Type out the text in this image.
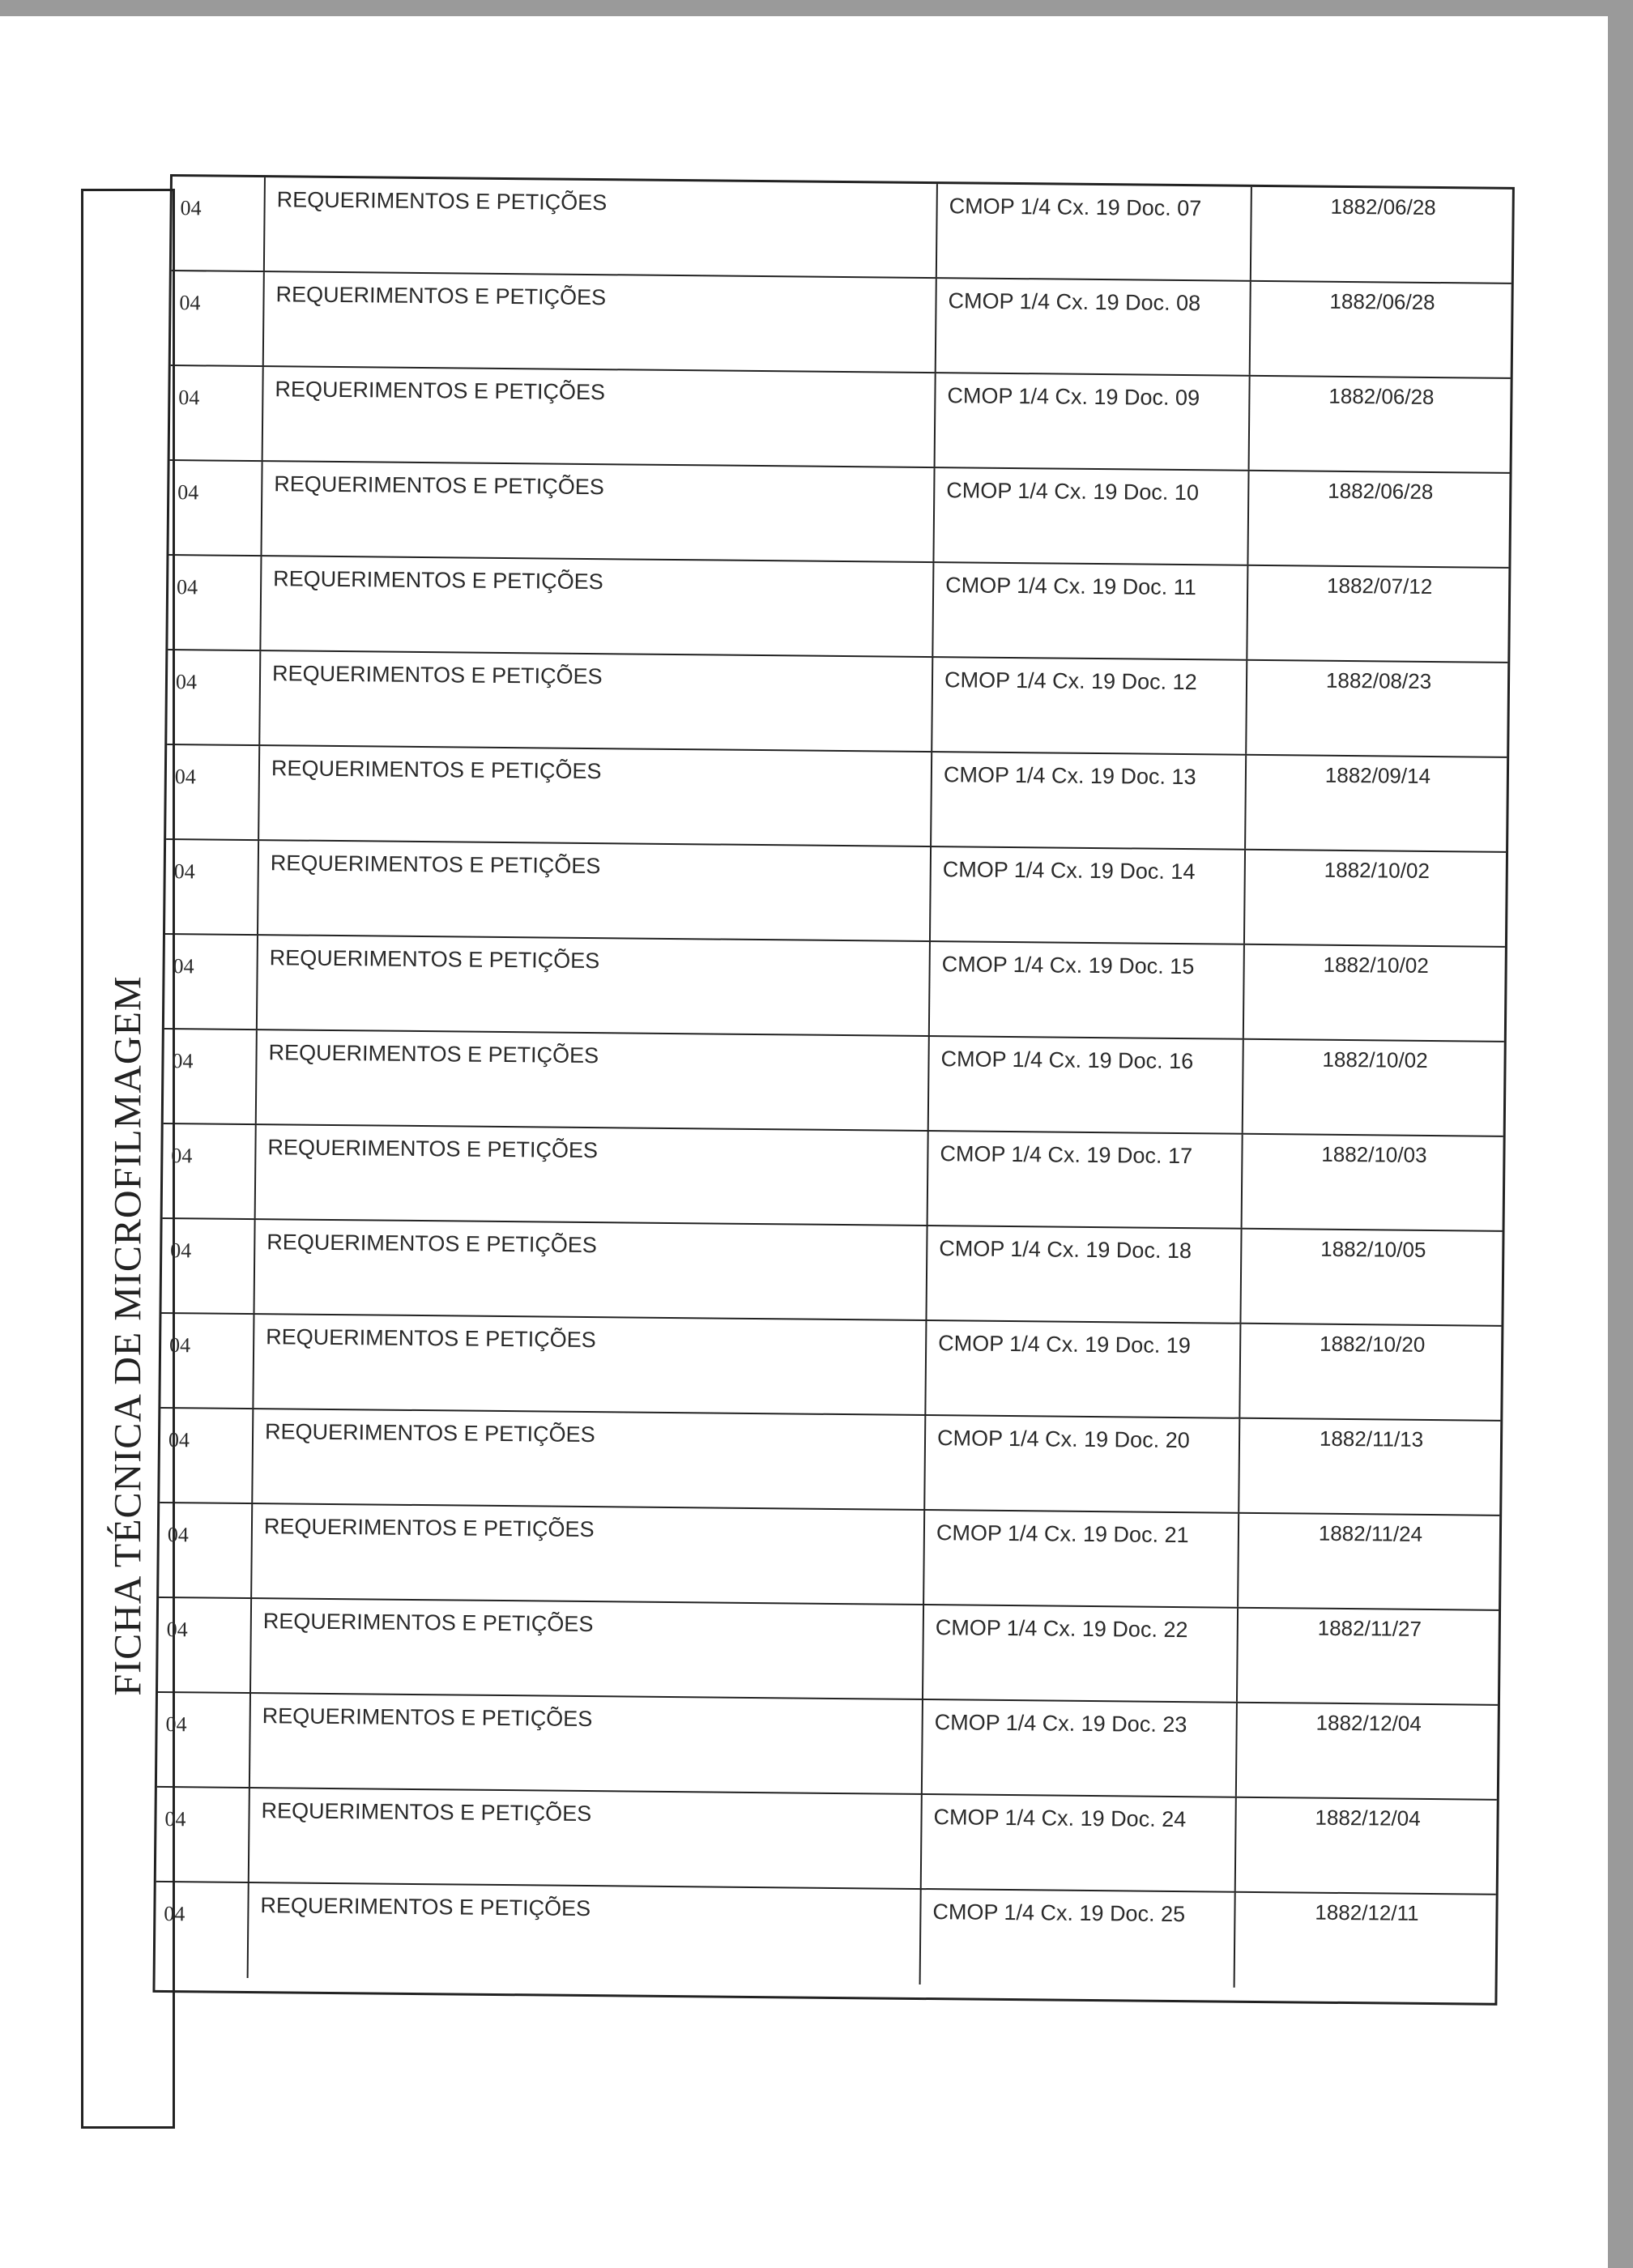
FICHA TÉCNICA DE MICROFILMAGEM
04	REQUERIMENTOS E PETIÇÕES	CMOP 1/4 Cx. 19 Doc. 07	1882/06/28
04	REQUERIMENTOS E PETIÇÕES	CMOP 1/4 Cx. 19 Doc. 08	1882/06/28
04	REQUERIMENTOS E PETIÇÕES	CMOP 1/4 Cx. 19 Doc. 09	1882/06/28
04	REQUERIMENTOS E PETIÇÕES	CMOP 1/4 Cx. 19 Doc. 10	1882/06/28
04	REQUERIMENTOS E PETIÇÕES	CMOP 1/4 Cx. 19 Doc. 11	1882/07/12
04	REQUERIMENTOS E PETIÇÕES	CMOP 1/4 Cx. 19 Doc. 12	1882/08/23
04	REQUERIMENTOS E PETIÇÕES	CMOP 1/4 Cx. 19 Doc. 13	1882/09/14
04	REQUERIMENTOS E PETIÇÕES	CMOP 1/4 Cx. 19 Doc. 14	1882/10/02
04	REQUERIMENTOS E PETIÇÕES	CMOP 1/4 Cx. 19 Doc. 15	1882/10/02
04	REQUERIMENTOS E PETIÇÕES	CMOP 1/4 Cx. 19 Doc. 16	1882/10/02
04	REQUERIMENTOS E PETIÇÕES	CMOP 1/4 Cx. 19 Doc. 17	1882/10/03
04	REQUERIMENTOS E PETIÇÕES	CMOP 1/4 Cx. 19 Doc. 18	1882/10/05
04	REQUERIMENTOS E PETIÇÕES	CMOP 1/4 Cx. 19 Doc. 19	1882/10/20
04	REQUERIMENTOS E PETIÇÕES	CMOP 1/4 Cx. 19 Doc. 20	1882/11/13
04	REQUERIMENTOS E PETIÇÕES	CMOP 1/4 Cx. 19 Doc. 21	1882/11/24
04	REQUERIMENTOS E PETIÇÕES	CMOP 1/4 Cx. 19 Doc. 22	1882/11/27
04	REQUERIMENTOS E PETIÇÕES	CMOP 1/4 Cx. 19 Doc. 23	1882/12/04
04	REQUERIMENTOS E PETIÇÕES	CMOP 1/4 Cx. 19 Doc. 24	1882/12/04
04	REQUERIMENTOS E PETIÇÕES	CMOP 1/4 Cx. 19 Doc. 25	1882/12/11
